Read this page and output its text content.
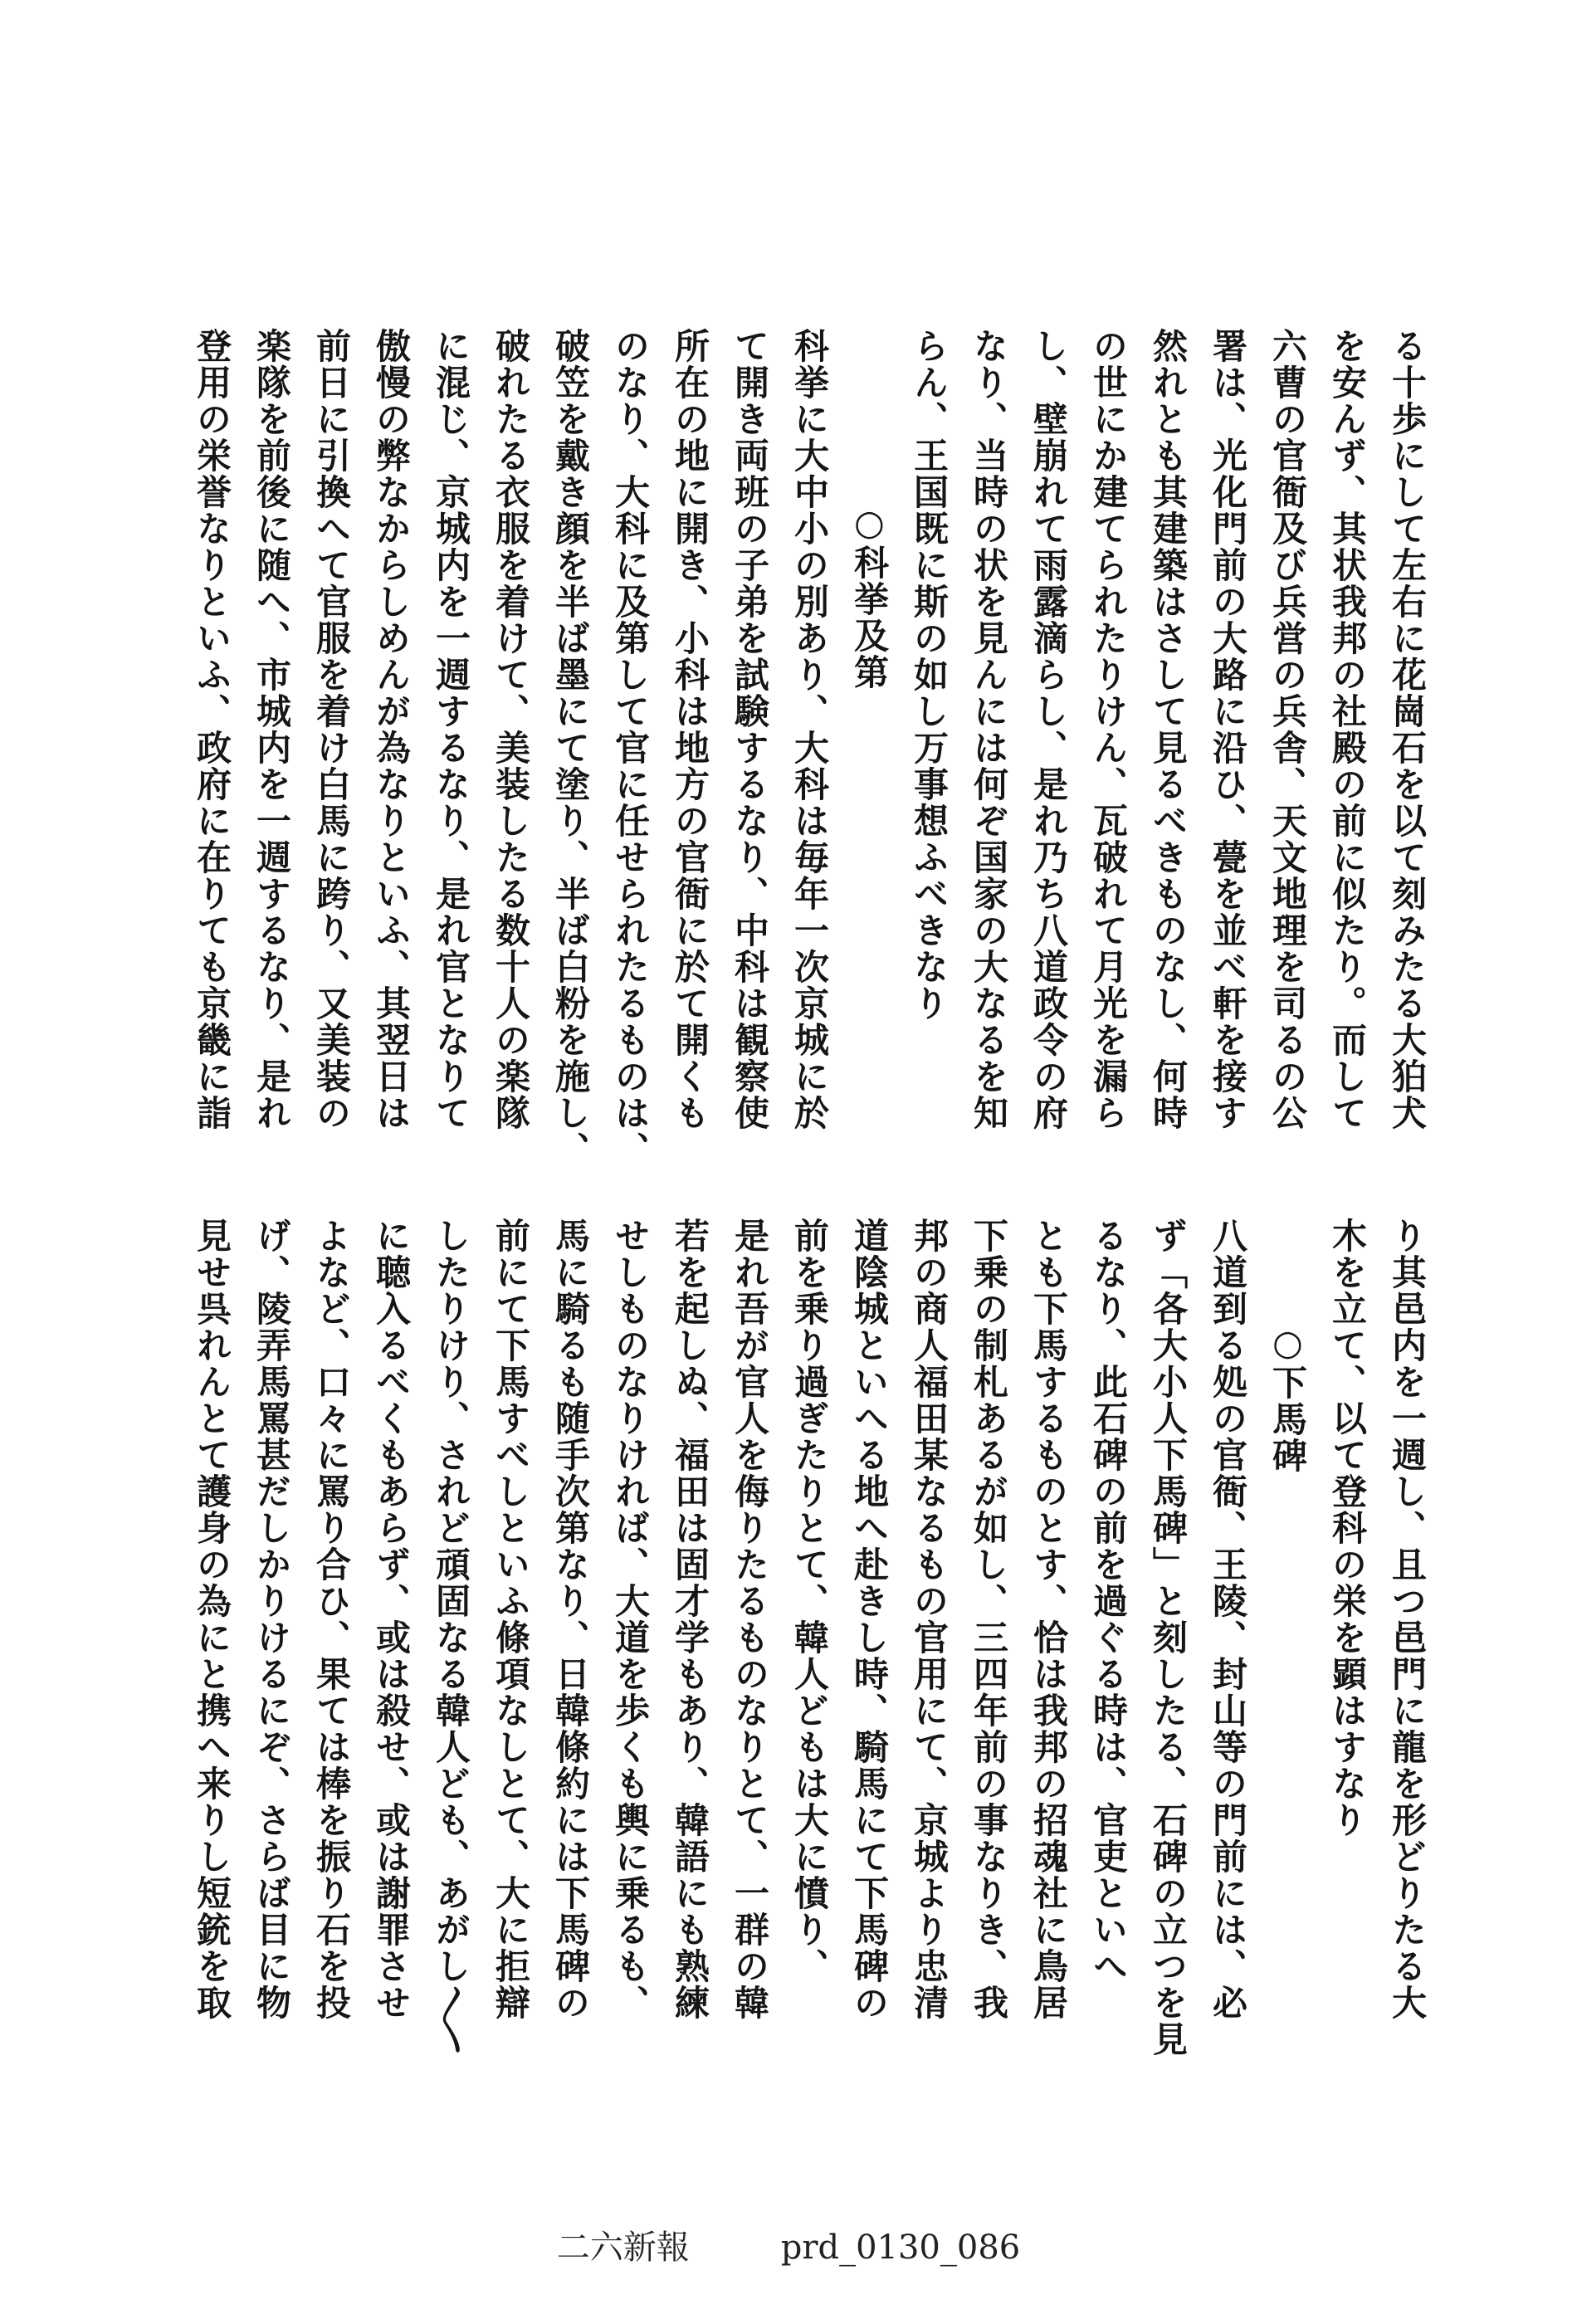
る十歩にして左右に花崗石を以て刻みたる大狛犬
を安んず、其状我邦の社殿の前に似たり。而して
六曹の官衙及び兵営の兵舎、天文地理を司るの公
署は、光化門前の大路に沿ひ、甍を並べ軒を接す
然れとも其建築はさして見るべきものなし、何時
の世にか建てられたりけん、瓦破れて月光を漏ら
し、壁崩れて雨露滴らし、是れ乃ち八道政令の府
なり、当時の状を見んには何ぞ国家の大なるを知
らん、王国既に斯の如し万事想ふべきなり
○科挙及第
科挙に大中小の別あり、大科は毎年一次京城に於
て開き両班の子弟を試験するなり、中科は観察使
所在の地に開き、小科は地方の官衙に於て開くも
のなり、大科に及第して官に任せられたるものは、
破笠を戴き顔を半ば墨にて塗り、半ば白粉を施し、
破れたる衣服を着けて、美装したる数十人の楽隊
に混じ、京城内を一週するなり、是れ官となりて
傲慢の弊なからしめんが為なりといふ、其翌日は
前日に引換へて官服を着け白馬に跨り、又美装の
楽隊を前後に随へ、市城内を一週するなり、是れ
登用の栄誉なりといふ、政府に在りても京畿に詣
り其邑内を一週し、且つ邑門に龍を形どりたる大
木を立て、以て登科の栄を顕はすなり
○下馬碑
八道到る処の官衙、王陵、封山等の門前には、必
ず「各大小人下馬碑」と刻したる、石碑の立つを見
るなり、此石碑の前を過ぐる時は、官吏といへ
とも下馬するものとす、恰は我邦の招魂社に鳥居
下乗の制札あるが如し、三四年前の事なりき、我
邦の商人福田某なるもの官用にて、京城より忠清
道陰城といへる地へ赴きし時、騎馬にて下馬碑の
前を乗り過ぎたりとて、韓人どもは大に憤り、
是れ吾が官人を侮りたるものなりとて、一群の韓
若を起しぬ、福田は固才学もあり、韓語にも熟練
せしものなりければ、大道を歩くも輿に乗るも、
馬に騎るも随手次第なり、日韓條約には下馬碑の
前にて下馬すべしといふ條項なしとて、大に拒辯
したりけり、されど頑固なる韓人ども、あがし〱
に聴入るべくもあらず、或は殺せ、或は謝罪させ
よなど、口々に罵り合ひ、果ては棒を振り石を投
げ、陵弄馬罵甚だしかりけるにぞ、さらば目に物
見せ呉れんとて護身の為にと携へ来りし短銃を取
二六新報	prd_0130_086
